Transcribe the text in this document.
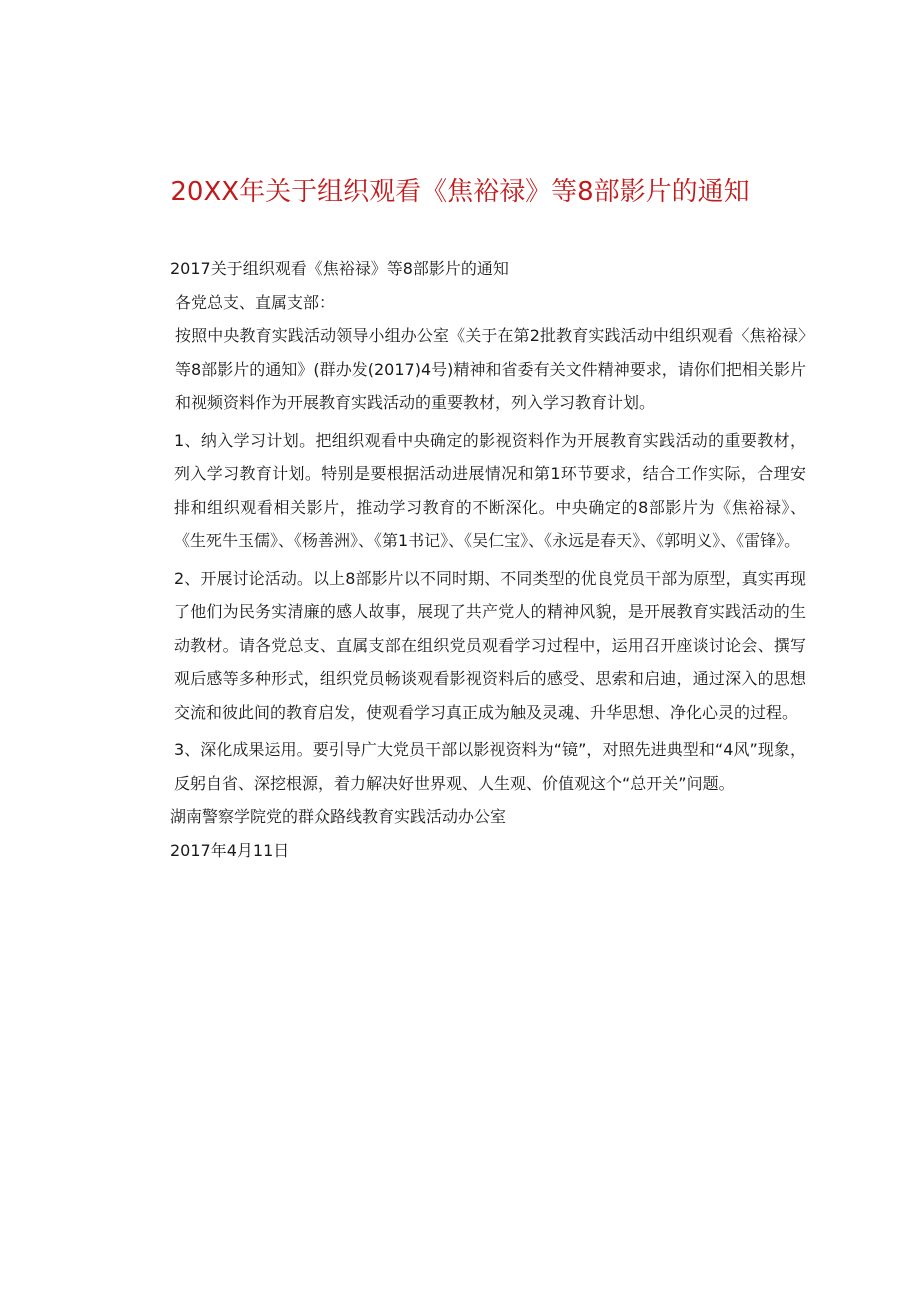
20XX年关于组织观看《焦裕禄》等8部影片的通知

2017关于组织观看《焦裕禄》等8部影片的通知

各党总支、直属支部：

按照中央教育实践活动领导小组办公室《关于在第2批教育实践活动中组织观看〈焦裕禄〉等8部影片的通知》(群办发(2017)4号)精神和省委有关文件精神要求，请你们把相关影片和视频资料作为开展教育实践活动的重要教材，列入学习教育计划。

1、纳入学习计划。把组织观看中央确定的影视资料作为开展教育实践活动的重要教材，列入学习教育计划。特别是要根据活动进展情况和第1环节要求，结合工作实际，合理安排和组织观看相关影片，推动学习教育的不断深化。中央确定的8部影片为《焦裕禄》、《生死牛玉儒》、《杨善洲》、《第1书记》、《吴仁宝》、《永远是春天》、《郭明义》、《雷锋》。

2、开展讨论活动。以上8部影片以不同时期、不同类型的优良党员干部为原型，真实再现了他们为民务实清廉的感人故事，展现了共产党人的精神风貌，是开展教育实践活动的生动教材。请各党总支、直属支部在组织党员观看学习过程中，运用召开座谈讨论会、撰写观后感等多种形式，组织党员畅谈观看影视资料后的感受、思索和启迪，通过深入的思想交流和彼此间的教育启发，使观看学习真正成为触及灵魂、升华思想、净化心灵的过程。

3、深化成果运用。要引导广大党员干部以影视资料为“镜”，对照先进典型和“4风”现象，反躬自省、深挖根源，着力解决好世界观、人生观、价值观这个“总开关”问题。

湖南警察学院党的群众路线教育实践活动办公室

2017年4月11日
